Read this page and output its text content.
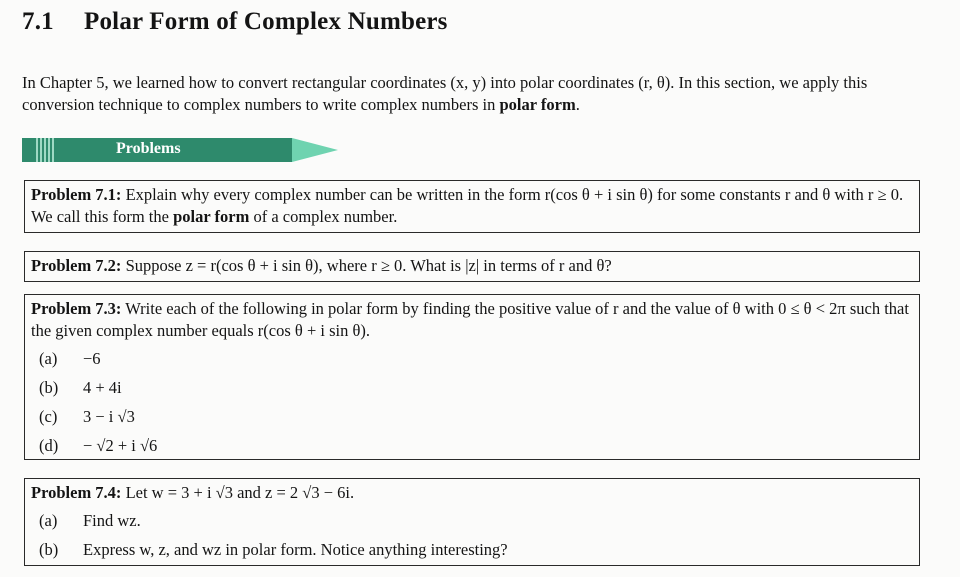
7.1 Polar Form of Complex Numbers
In Chapter 5, we learned how to convert rectangular coordinates (x, y) into polar coordinates (r, θ). In this section, we apply this conversion technique to complex numbers to write complex numbers in polar form.
Problems
Problem 7.1: Explain why every complex number can be written in the form r(cos θ + i sin θ) for some constants r and θ with r ≥ 0. We call this form the polar form of a complex number.
Problem 7.2: Suppose z = r(cos θ + i sin θ), where r ≥ 0. What is |z| in terms of r and θ?
Problem 7.3: Write each of the following in polar form by finding the positive value of r and the value of θ with 0 ≤ θ < 2π such that the given complex number equals r(cos θ + i sin θ).
(a)	−6
(b)	4 + 4i
(c)	3 − i √3
(d)	− √2 + i √6
Problem 7.4: Let w = 3 + i √3 and z = 2 √3 − 6i.
(a)	Find wz.
(b)	Express w, z, and wz in polar form. Notice anything interesting?
